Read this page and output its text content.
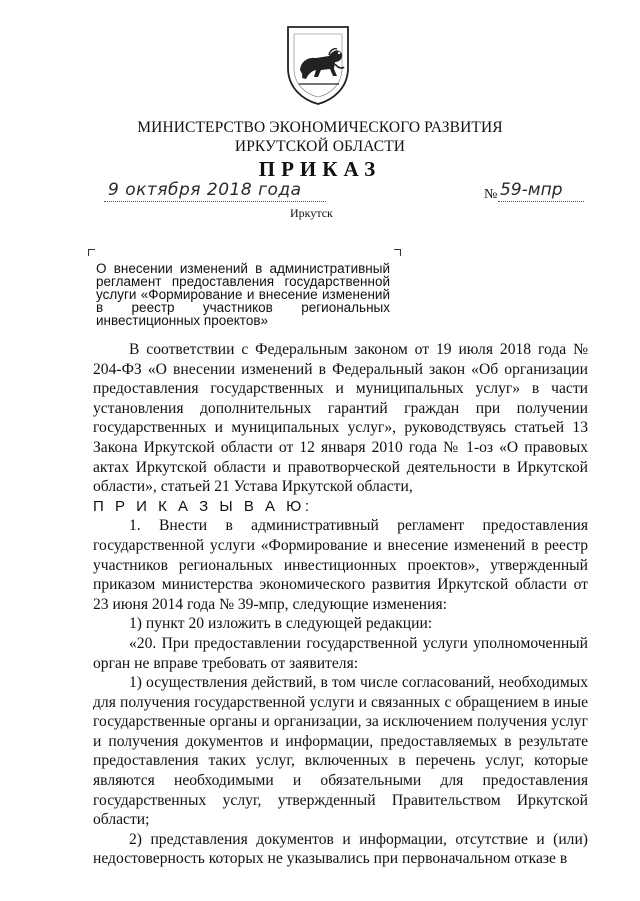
МИНИСТЕРСТВО ЭКОНОМИЧЕСКОГО РАЗВИТИЯ
ИРКУТСКОЙ ОБЛАСТИ
ПРИКАЗ
9 октября 2018 года	№ 59-мпр
Иркутск
О внесении изменений в административный регламент предоставления государственной услуги «Формирование и внесение изменений в реестр участников региональных инвестиционных проектов»

В соответствии с Федеральным законом от 19 июля 2018 года № 204-ФЗ «О внесении изменений в Федеральный закон «Об организации предоставления государственных и муниципальных услуг» в части установления дополнительных гарантий граждан при получении государственных и муниципальных услуг», руководствуясь статьей 13 Закона Иркутской области от 12 января 2010 года № 1-оз «О правовых актах Иркутской области и правотворческой деятельности в Иркутской области», статьей 21 Устава Иркутской области,

П Р И К А З Ы В А Ю:

1. Внести в административный регламент предоставления государственной услуги «Формирование и внесение изменений в реестр участников региональных инвестиционных проектов», утвержденный приказом министерства экономического развития Иркутской области от 23 июня 2014 года № 39-мпр, следующие изменения:

1) пункт 20 изложить в следующей редакции:

«20. При предоставлении государственной услуги уполномоченный орган не вправе требовать от заявителя:

1) осуществления действий, в том числе согласований, необходимых для получения государственной услуги и связанных с обращением в иные государственные органы и организации, за исключением получения услуг и получения документов и информации, предоставляемых в результате предоставления таких услуг, включенных в перечень услуг, которые являются необходимыми и обязательными для предоставления государственных услуг, утвержденный Правительством Иркутской области;

2) представления документов и информации, отсутствие и (или) недостоверность которых не указывались при первоначальном отказе в
